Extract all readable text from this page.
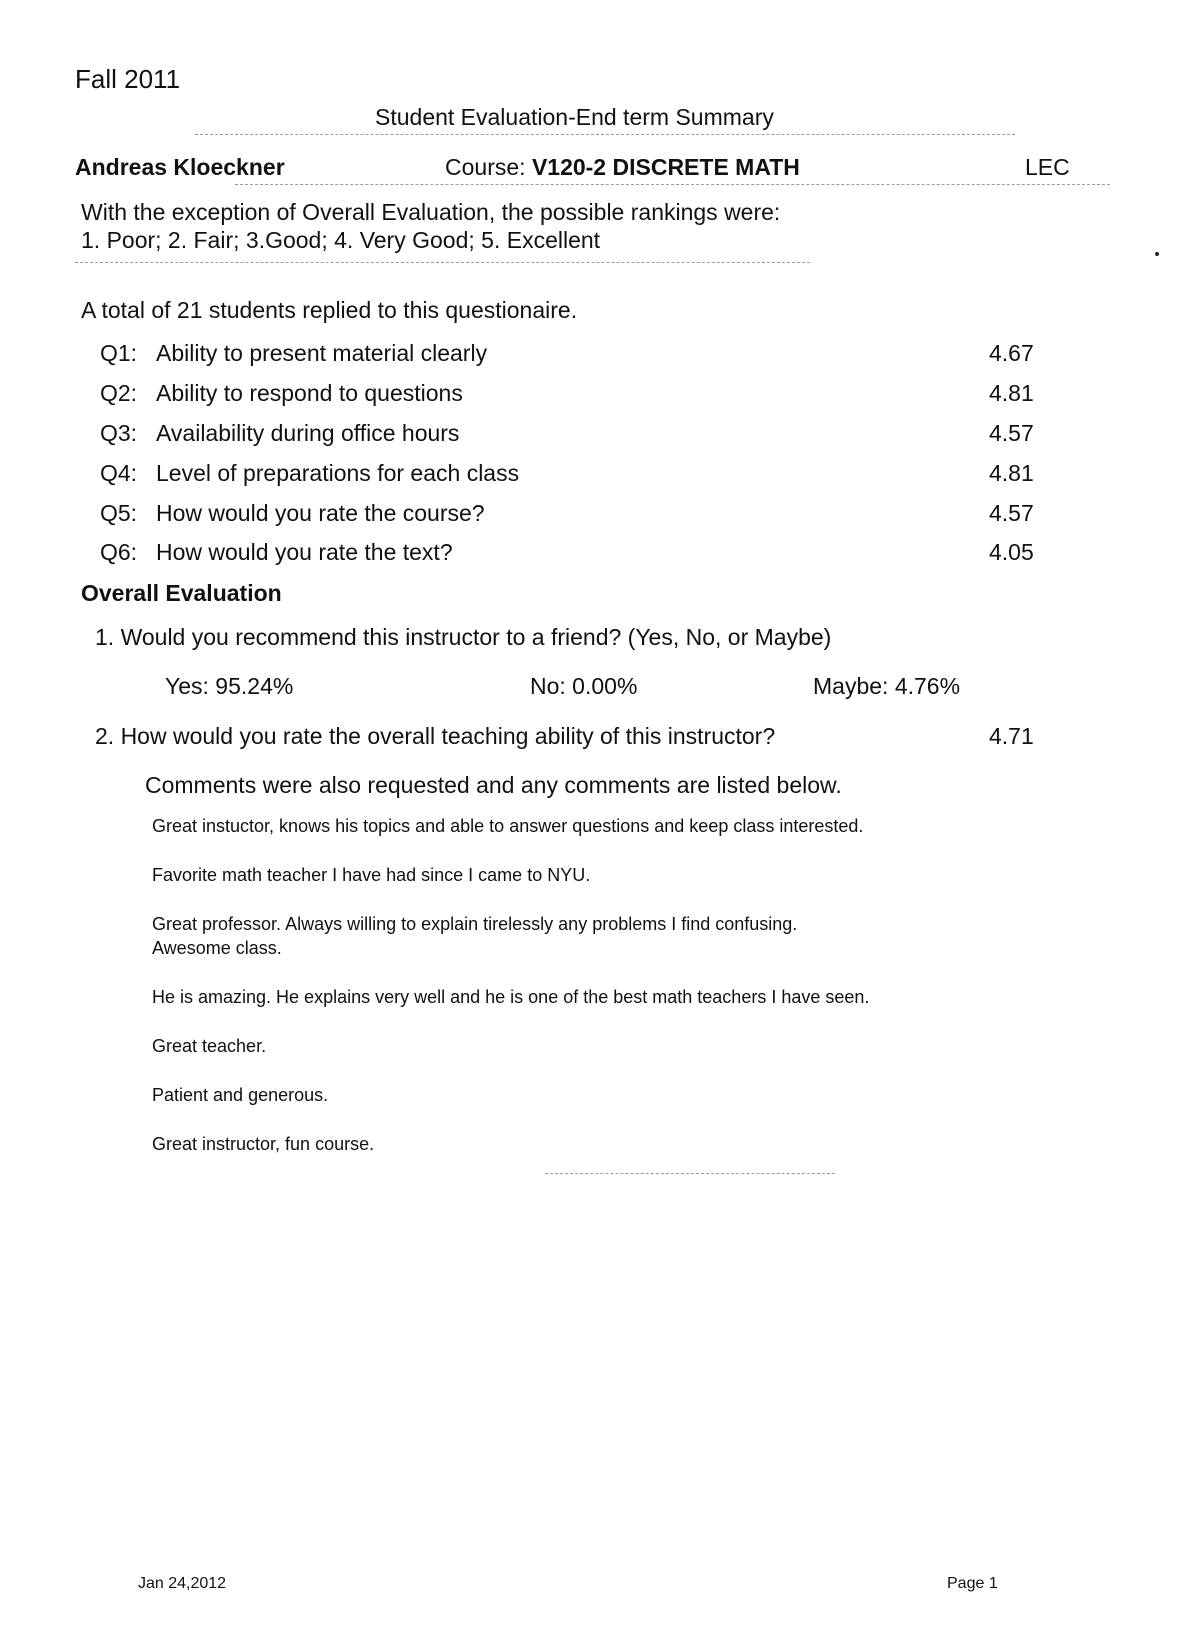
Fall 2011
Student Evaluation-End term Summary
Andreas Kloeckner	Course: V120-2 DISCRETE MATH	LEC
With the exception of Overall Evaluation, the possible rankings were:
1. Poor; 2. Fair; 3.Good; 4. Very Good; 5. Excellent
A total of 21 students replied to this questionaire.
Q1: Ability to present material clearly	4.67
Q2: Ability to respond to questions	4.81
Q3: Availability during office hours	4.57
Q4: Level of preparations for each class	4.81
Q5: How would you rate the course?	4.57
Q6: How would you rate the text?	4.05
Overall Evaluation
1. Would you recommend this instructor to a friend? (Yes, No, or Maybe)
Yes: 95.24%	No: 0.00%	Maybe: 4.76%
2. How would you rate the overall teaching ability of this instructor?	4.71
Comments were also requested and any comments are listed below.
Great instuctor, knows his topics and able to answer questions and keep class interested.
Favorite math teacher I have had since I came to NYU.
Great professor. Always willing to explain tirelessly any problems I find confusing.
Awesome class.
He is amazing. He explains very well and he is one of the best math teachers I have seen.
Great teacher.
Patient and generous.
Great instructor, fun course.
Jan 24,2012	Page 1
